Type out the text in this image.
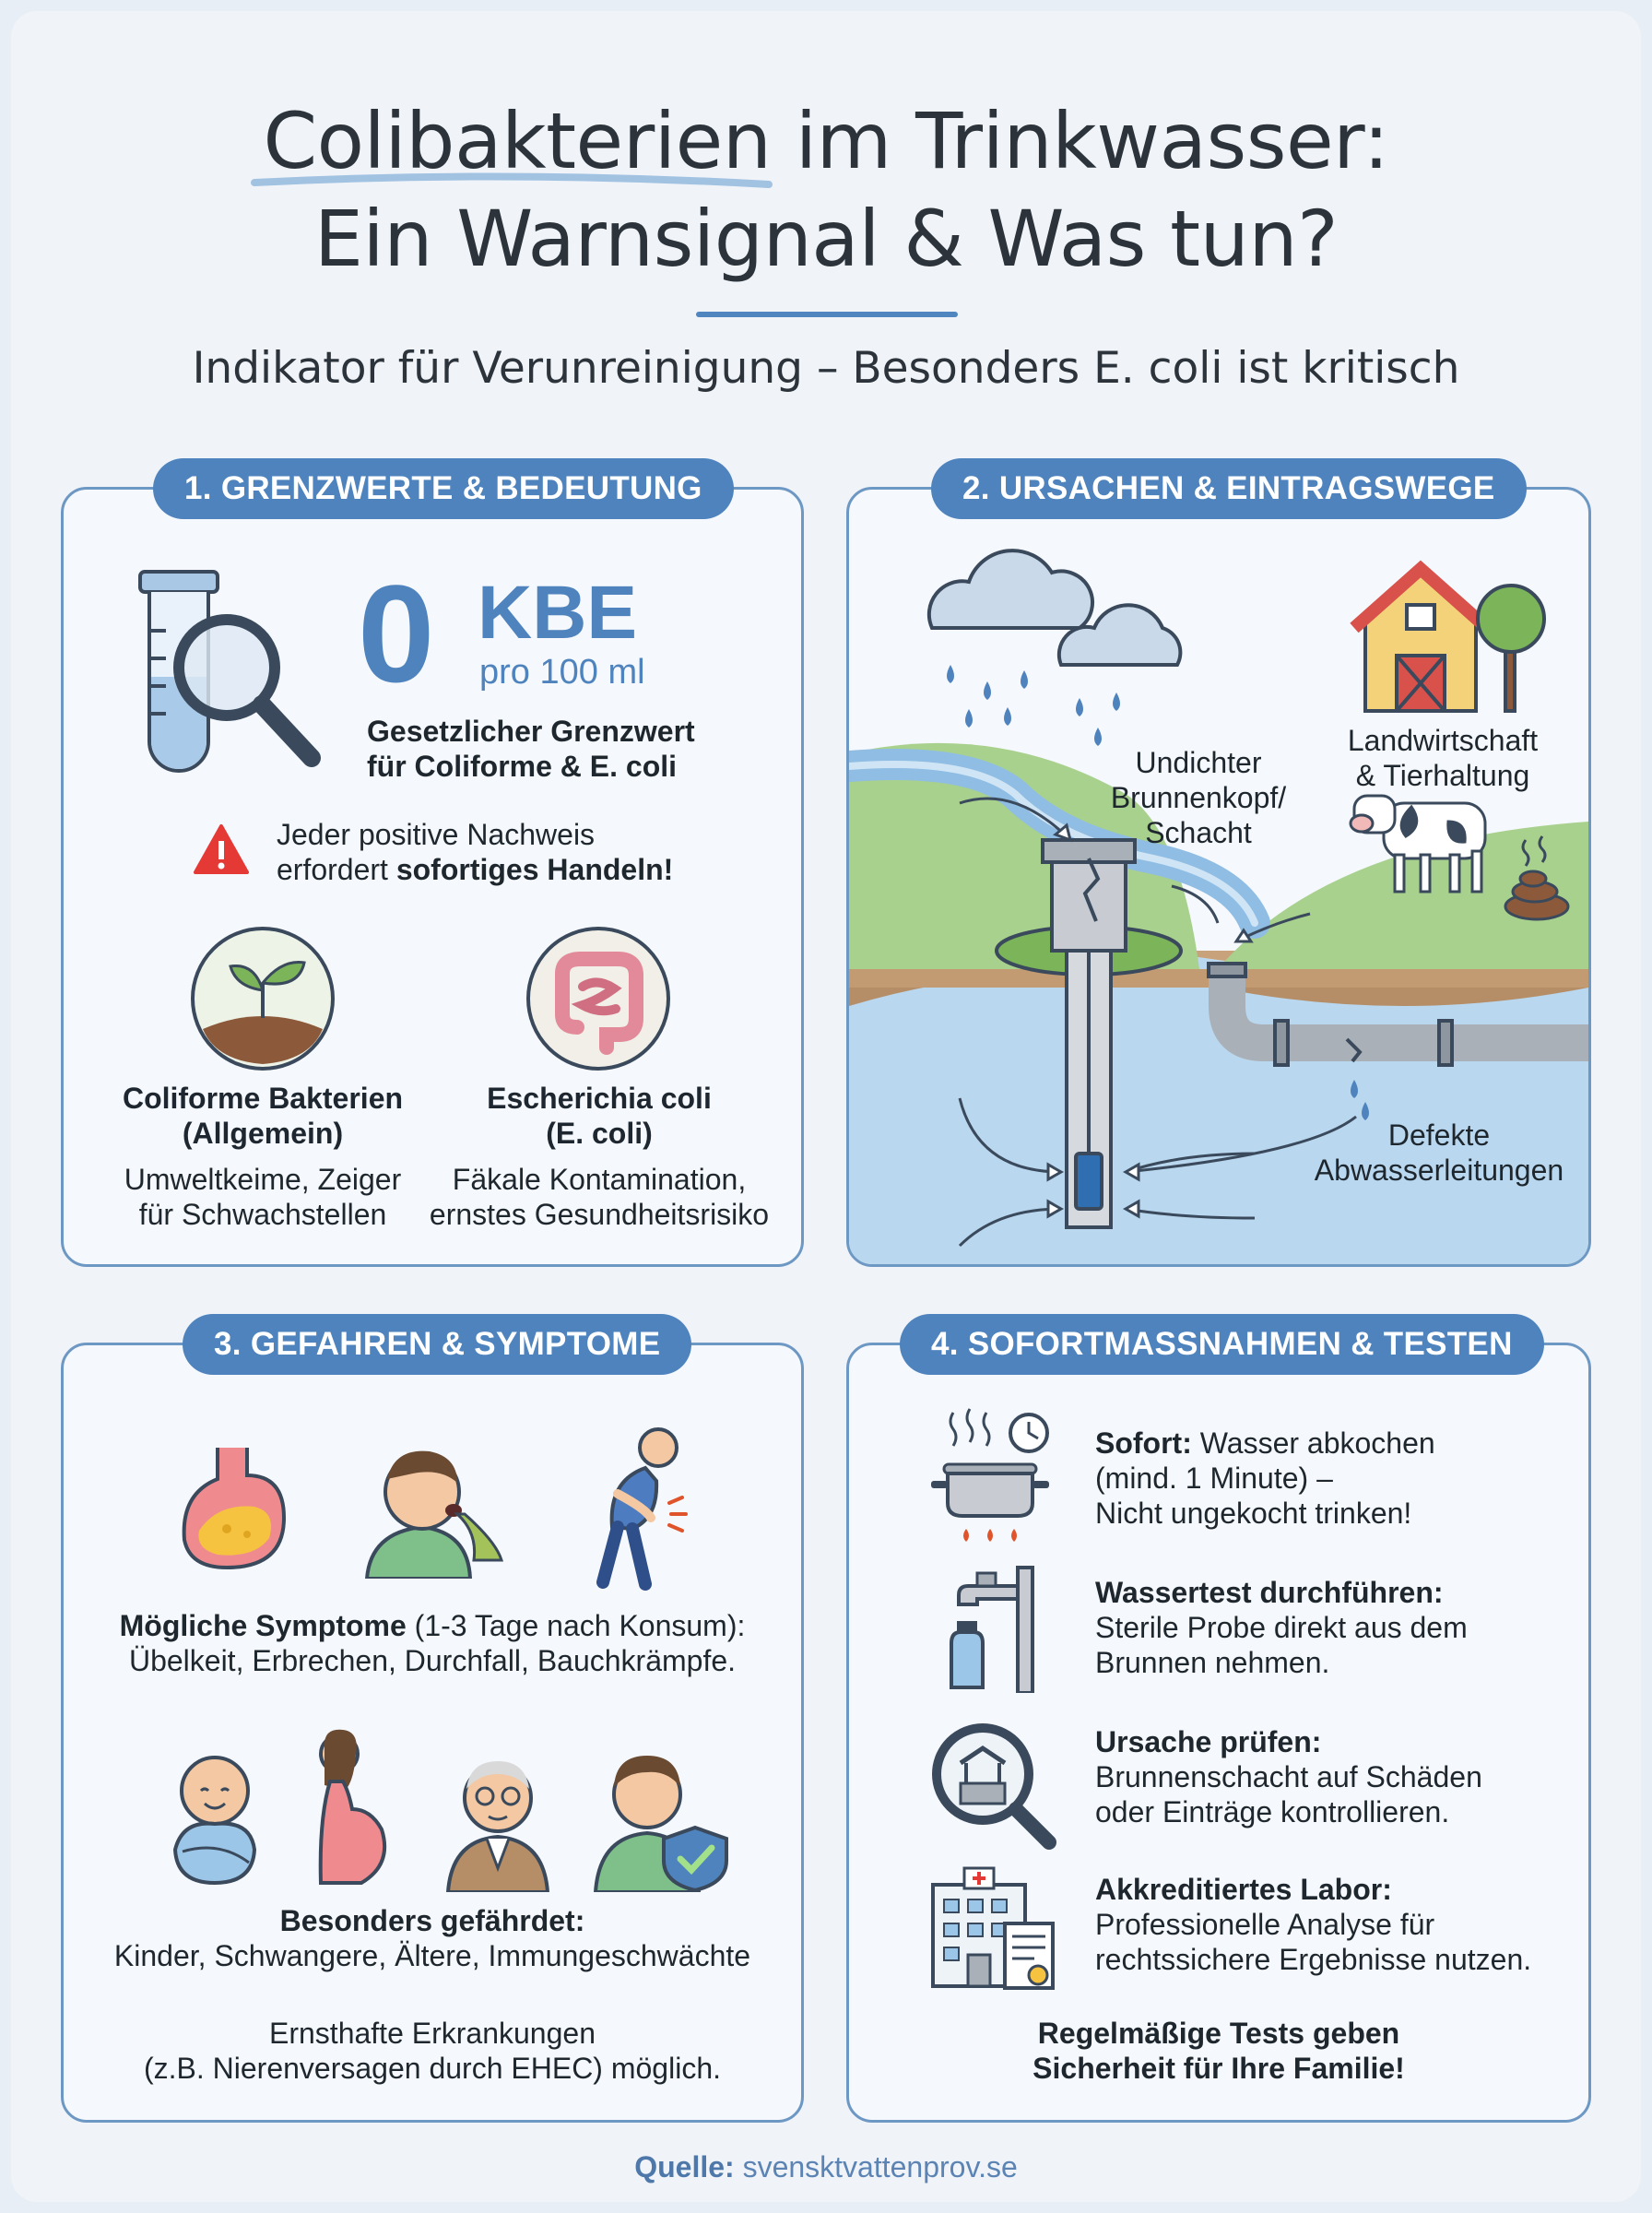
Colibakterien im Trinkwasser:
Ein Warnsignal & Was tun?
Indikator für Verunreinigung – Besonders E. coli ist kritisch
1. GRENZWERTE & BEDEUTUNG
0 KBE
pro 100 ml
Gesetzlicher Grenzwert
für Coliforme & E. coli
Jeder positive Nachweis
erfordert sofortiges Handeln!
Coliforme Bakterien
(Allgemein)
Umweltkeime, Zeiger
für Schwachstellen
Escherichia coli
(E. coli)
Fäkale Kontamination,
ernstes Gesundheitsrisiko
2. URSACHEN & EINTRAGSWEGE
Undichter
Brunnenkopf/
Schacht
Landwirtschaft
& Tierhaltung
Defekte
Abwasserleitungen
3. GEFAHREN & SYMPTOME
Mögliche Symptome (1-3 Tage nach Konsum):
Übelkeit, Erbrechen, Durchfall, Bauchkrämpfe.
Besonders gefährdet:
Kinder, Schwangere, Ältere, Immungeschwächte
Ernsthafte Erkrankungen
(z.B. Nierenversagen durch EHEC) möglich.
4. SOFORTMASSNAHMEN & TESTEN
Sofort: Wasser abkochen
(mind. 1 Minute) –
Nicht ungekocht trinken!
Wassertest durchführen:
Sterile Probe direkt aus dem
Brunnen nehmen.
Ursache prüfen:
Brunnenschacht auf Schäden
oder Einträge kontrollieren.
Akkreditiertes Labor:
Professionelle Analyse für
rechtssichere Ergebnisse nutzen.
Regelmäßige Tests geben
Sicherheit für Ihre Familie!
Quelle: svensktvattenprov.se
